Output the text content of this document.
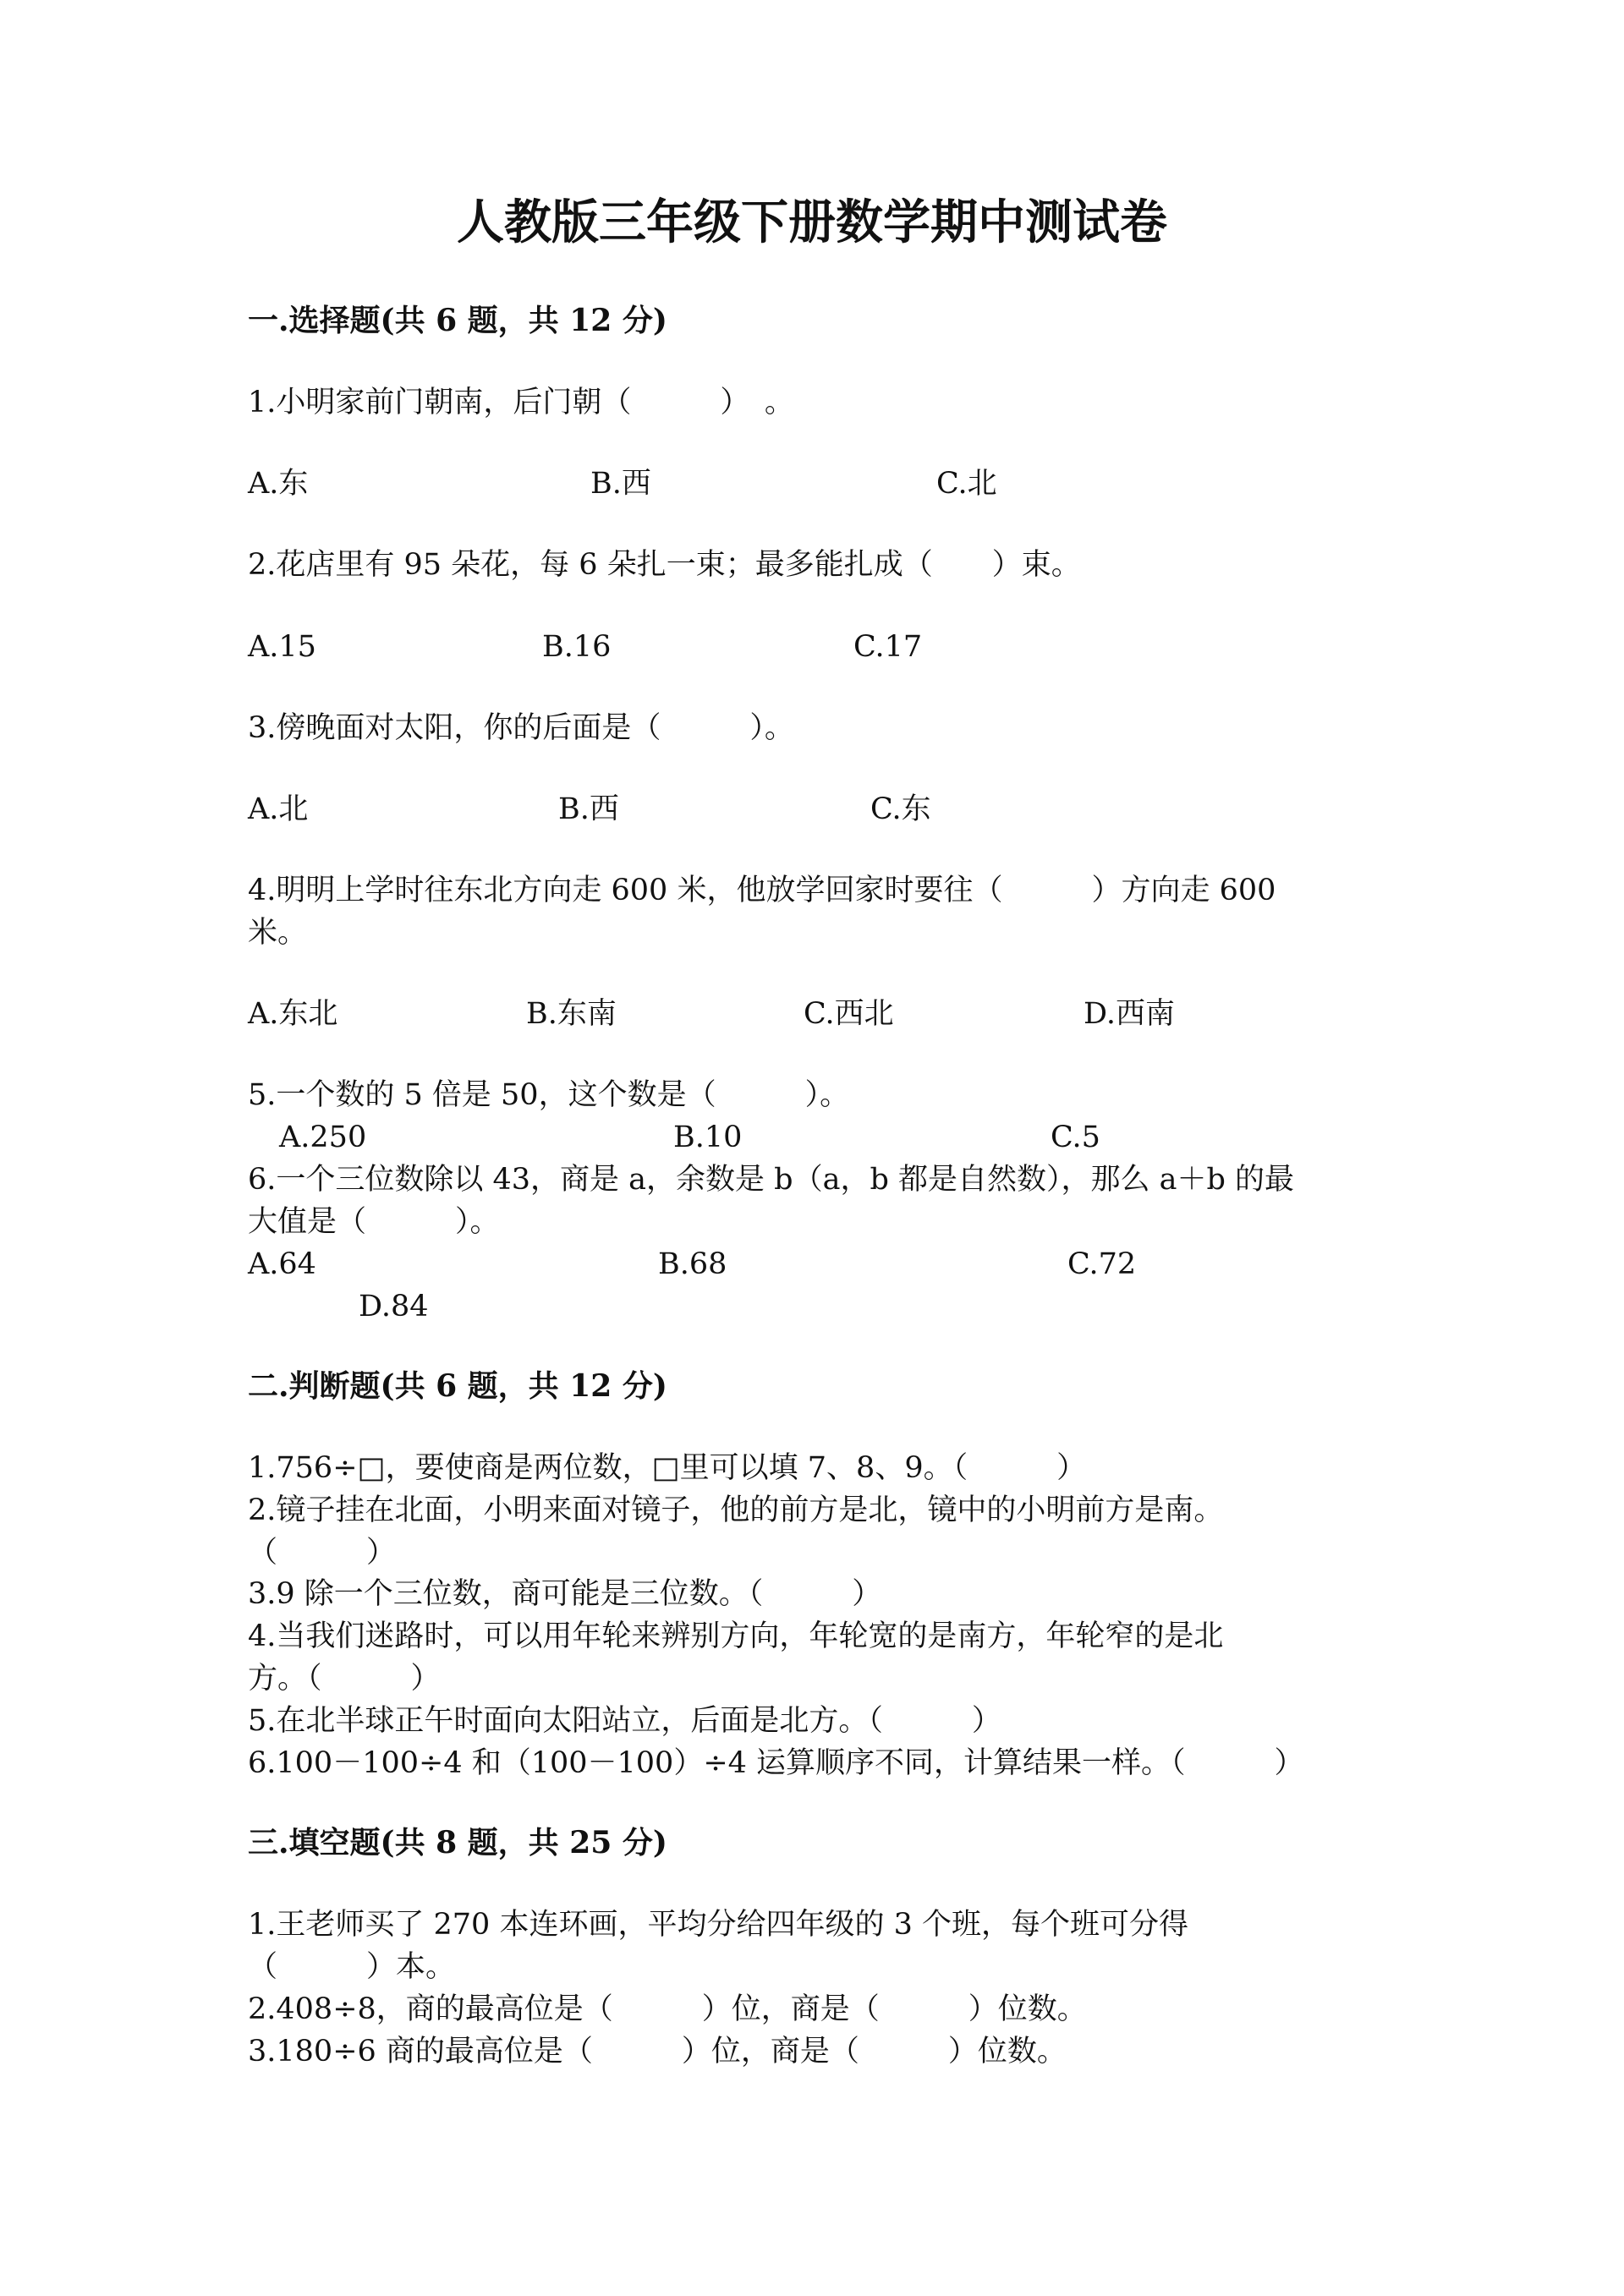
人教版三年级下册数学期中测试卷
一.选择题(共 6 题，共 12 分)
1.小明家前门朝南，后门朝（　　　）　。
A.东	B.西	C.北
2.花店里有 95 朵花，每 6 朵扎一束；最多能扎成（　　）束。
A.15	B.16	C.17
3.傍晚面对太阳，你的后面是（　　　）。
A.北	B.西	C.东
4.明明上学时往东北方向走 600 米，他放学回家时要往（　　　）方向走 600
米。
A.东北	B.东南	C.西北	D.西南
5.一个数的 5 倍是 50，这个数是（　　　）。
A.250	B.10	C.5
6.一个三位数除以 43，商是 a，余数是 b（a，b 都是自然数），那么 a＋b 的最
大值是（　　　）。
A.64	B.68	C.72
D.84
二.判断题(共 6 题，共 12 分)
1.756÷□，要使商是两位数，□里可以填 7、8、9。（　　　）
2.镜子挂在北面，小明来面对镜子，他的前方是北，镜中的小明前方是南。
（　　　）
3.9 除一个三位数，商可能是三位数。（　　　）
4.当我们迷路时，可以用年轮来辨别方向，年轮宽的是南方，年轮窄的是北
方。（　　　）
5.在北半球正午时面向太阳站立，后面是北方。（　　　）
6.100－100÷4 和（100－100）÷4 运算顺序不同，计算结果一样。（　　　）
三.填空题(共 8 题，共 25 分)
1.王老师买了 270 本连环画，平均分给四年级的 3 个班，每个班可分得
（　　　）本。
2.408÷8，商的最高位是（　　　）位，商是（　　　）位数。
3.180÷6 商的最高位是（　　　）位，商是（　　　）位数。
